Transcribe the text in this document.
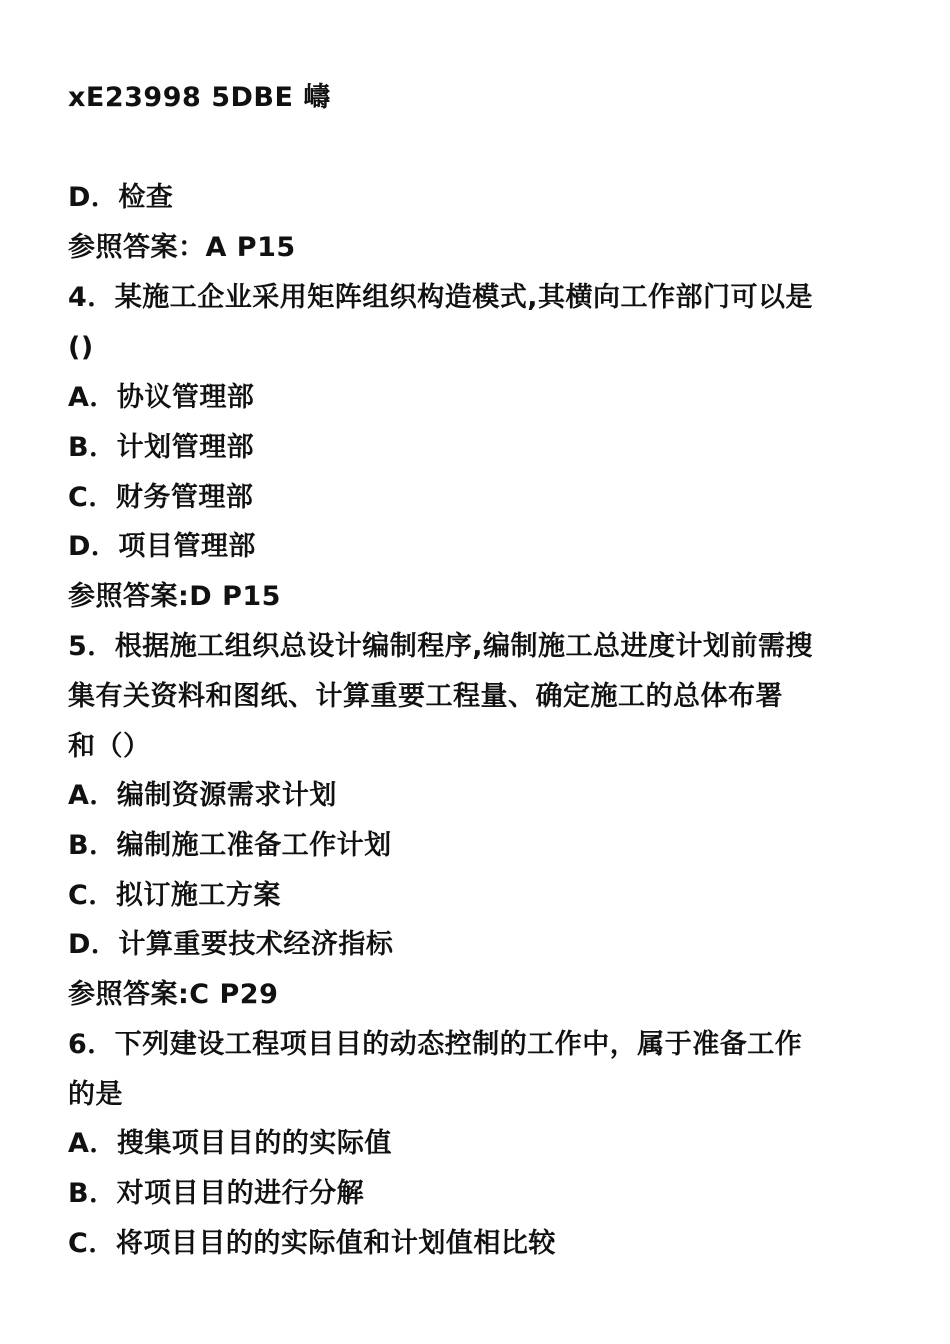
xE23998 5DBE 嶹
D．检查
参照答案：A P15
4．某施工企业采用矩阵组织构造模式,其横向工作部门可以是
()
A．协议管理部
B．计划管理部
C．财务管理部
D．项目管理部
参照答案:D P15
5．根据施工组织总设计编制程序,编制施工总进度计划前需搜
集有关资料和图纸、计算重要工程量、确定施工的总体布署
和（）
A．编制资源需求计划
B．编制施工准备工作计划
C．拟订施工方案
D．计算重要技术经济指标
参照答案:C P29
6．下列建设工程项目目的动态控制的工作中，属于准备工作
的是
A．搜集项目目的的实际值
B．对项目目的进行分解
C．将项目目的的实际值和计划值相比较
